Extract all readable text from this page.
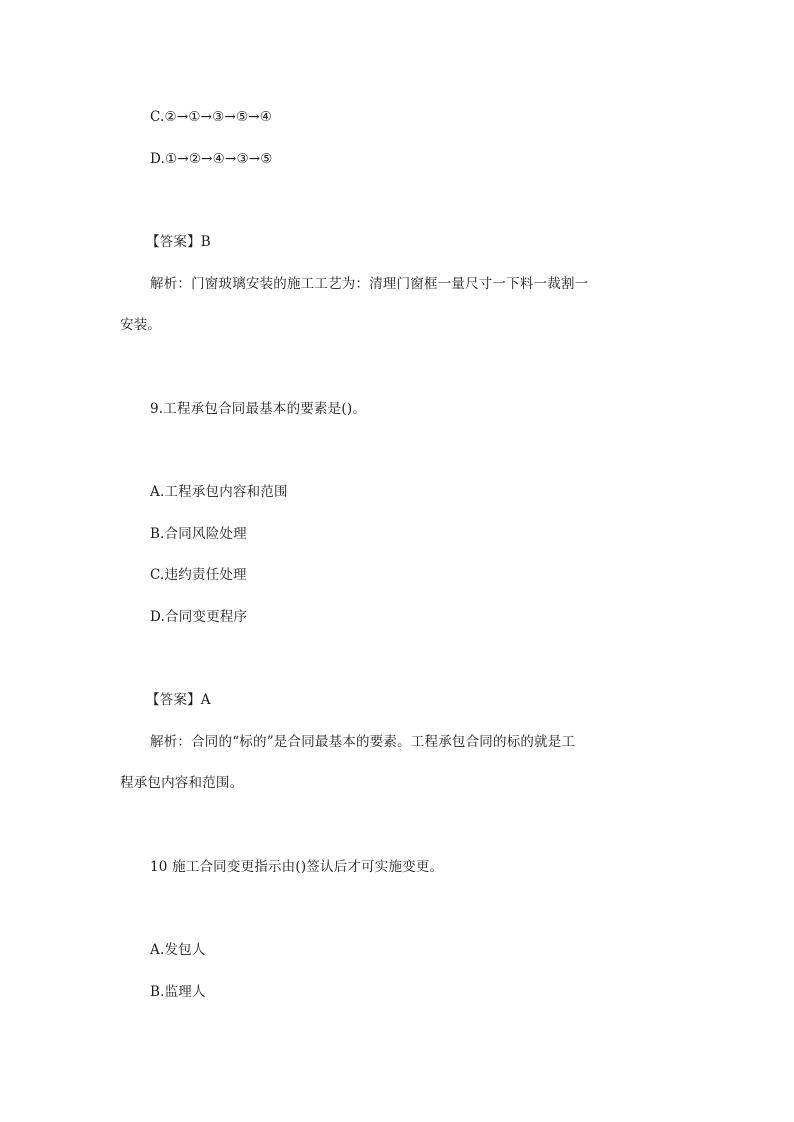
C.②→①→③→⑤→④
D.①→②→④→③→⑤
【答案】B
解析：门窗玻璃安装的施工工艺为：清理门窗框一量尺寸一下料一裁割一
安装。
9.工程承包合同最基本的要素是()。
A.工程承包内容和范围
B.合同风险处理
C.违约责任处理
D.合同变更程序
【答案】A
解析：合同的“标的”是合同最基本的要素。工程承包合同的标的就是工
程承包内容和范围。
10 施工合同变更指示由()签认后才可实施变更。
A.发包人
B.监理人
